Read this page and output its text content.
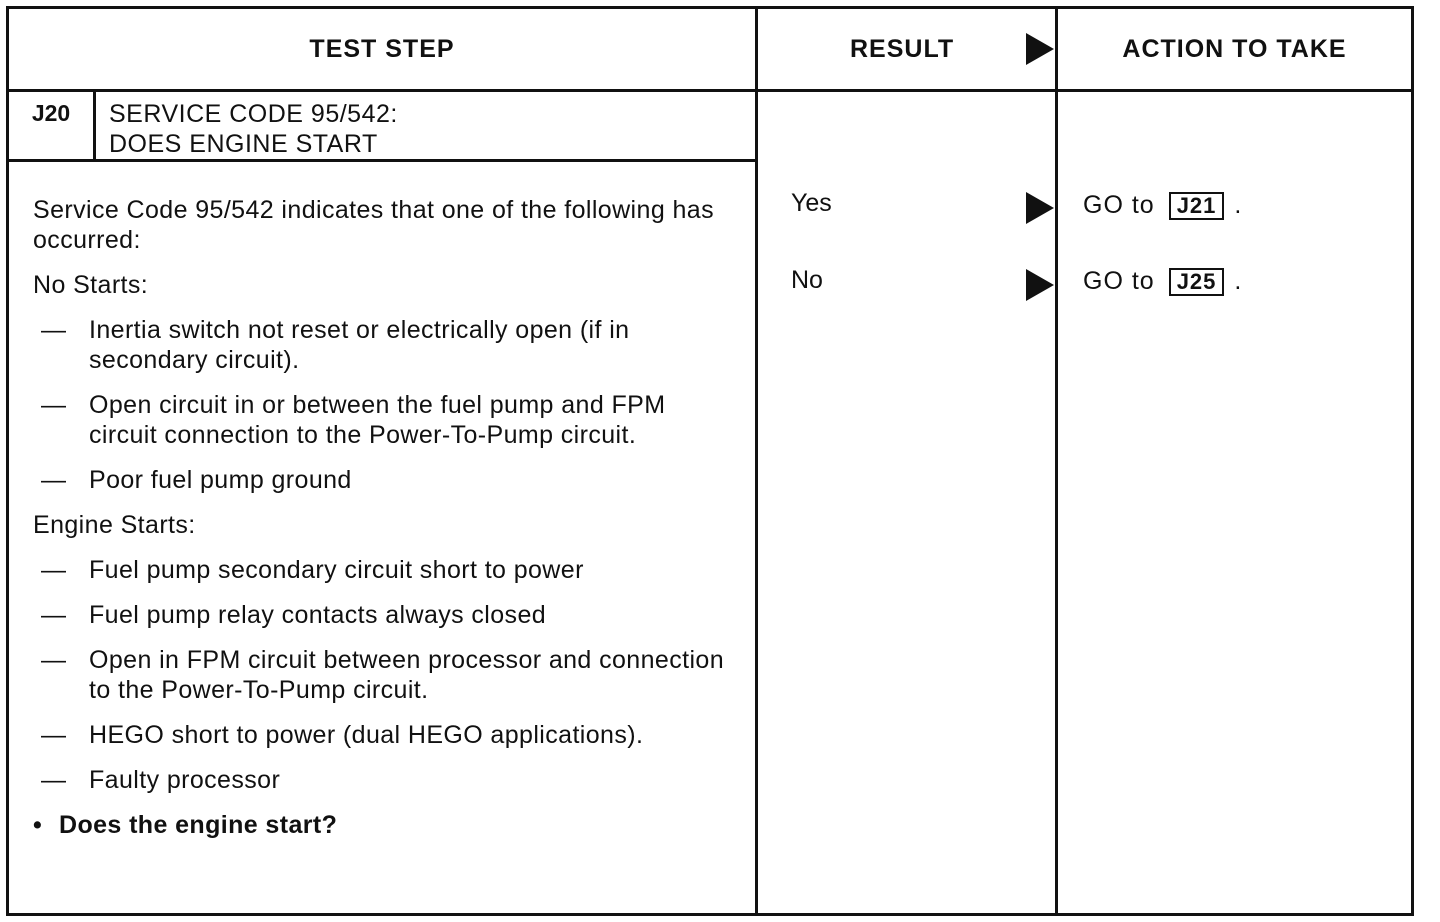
TEST STEP	RESULT	ACTION TO TAKE
J20	SERVICE CODE 95/542:
DOES ENGINE START

Service Code 95/542 indicates that one of the following has occurred:

No Starts:

— Inertia switch not reset or electrically open (if in secondary circuit).
— Open circuit in or between the fuel pump and FPM circuit connection to the Power-To-Pump circuit.
— Poor fuel pump ground

Engine Starts:

— Fuel pump secondary circuit short to power
— Fuel pump relay contacts always closed
— Open in FPM circuit between processor and connection to the Power-To-Pump circuit.
— HEGO short to power (dual HEGO applications).
— Faulty processor
• Does the engine start?
Yes	GO to	J21 .
No	GO to	J25 .
